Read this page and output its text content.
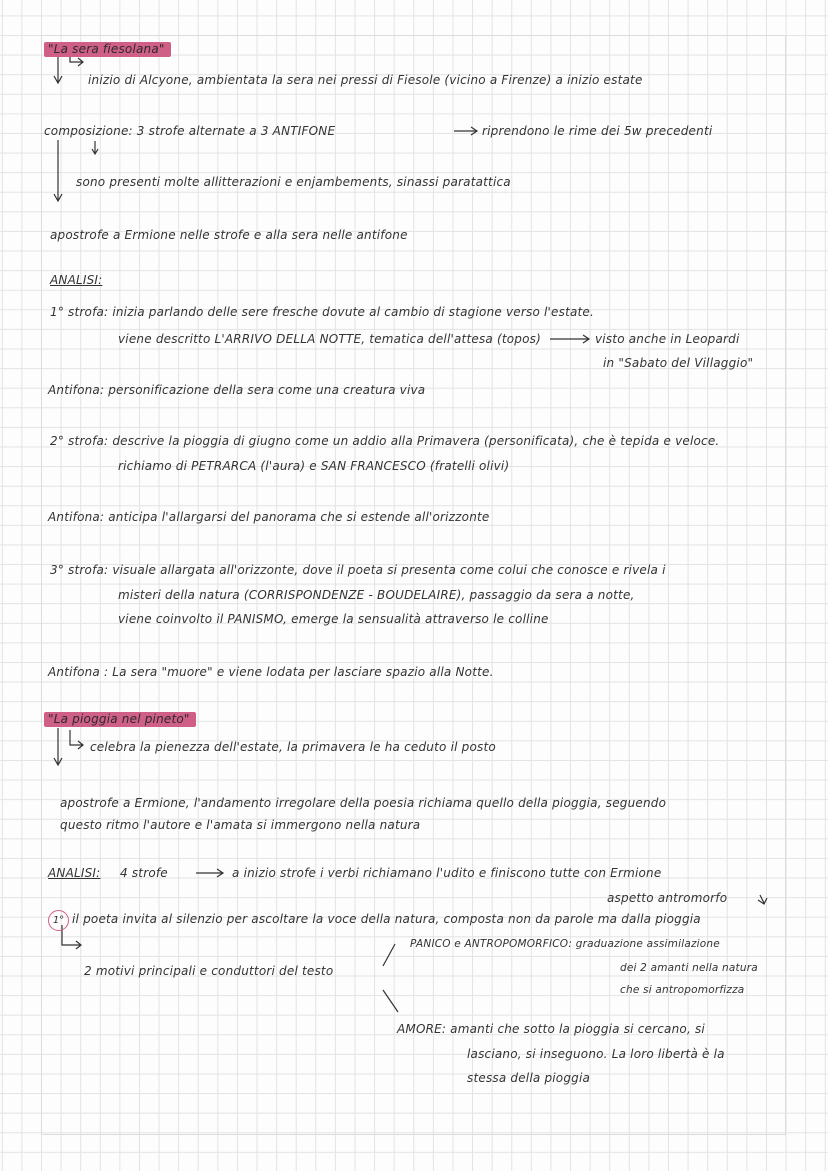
"La sera fiesolana"
inizio di Alcyone, ambientata la sera nei pressi di Fiesole (vicino a Firenze) a inizio estate
composizione: 3 strofe alternate a 3 ANTIFONE	riprendono le rime dei 5w precedenti
sono presenti molte allitterazioni e enjambements, sinassi paratattica
apostrofe a Ermione nelle strofe e alla sera nelle antifone
ANALISI:
1° strofa: inizia parlando delle sere fresche dovute al cambio di stagione verso l'estate.
viene descritto L'ARRIVO DELLA NOTTE, tematica dell'attesa (topos)	visto anche in Leopardi
in "Sabato del Villaggio"
Antifona: personificazione della sera come una creatura viva
2° strofa: descrive la pioggia di giugno come un addio alla Primavera (personificata), che è tepida e veloce.
richiamo di PETRARCA (l'aura) e SAN FRANCESCO (fratelli olivi)
Antifona: anticipa l'allargarsi del panorama che si estende all'orizzonte
3° strofa: visuale allargata all'orizzonte, dove il poeta si presenta come colui che conosce e rivela i
misteri della natura (CORRISPONDENZE - BOUDELAIRE), passaggio da sera a notte,
viene coinvolto il PANISMO, emerge la sensualità attraverso le colline
Antifona : La sera "muore" e viene lodata per lasciare spazio alla Notte.
"La pioggia nel pineto"
celebra la pienezza dell'estate, la primavera le ha ceduto il posto
apostrofe a Ermione, l'andamento irregolare della poesia richiama quello della pioggia, seguendo
questo ritmo l'autore e l'amata si immergono nella natura
ANALISI: 4 strofe	a inizio strofe i verbi richiamano l'udito e finiscono tutte con Ermione
aspetto antromorfo
1° il poeta invita al silenzio per ascoltare la voce della natura, composta non da parole ma dalla pioggia
2 motivi principali e conduttori del testo
PANICO e ANTROPOMORFICO: graduazione assimilazione
dei 2 amanti nella natura
che si antropomorfizza
AMORE: amanti che sotto la pioggia si cercano, si
lasciano, si inseguono. La loro libertà è la
stessa della pioggia
